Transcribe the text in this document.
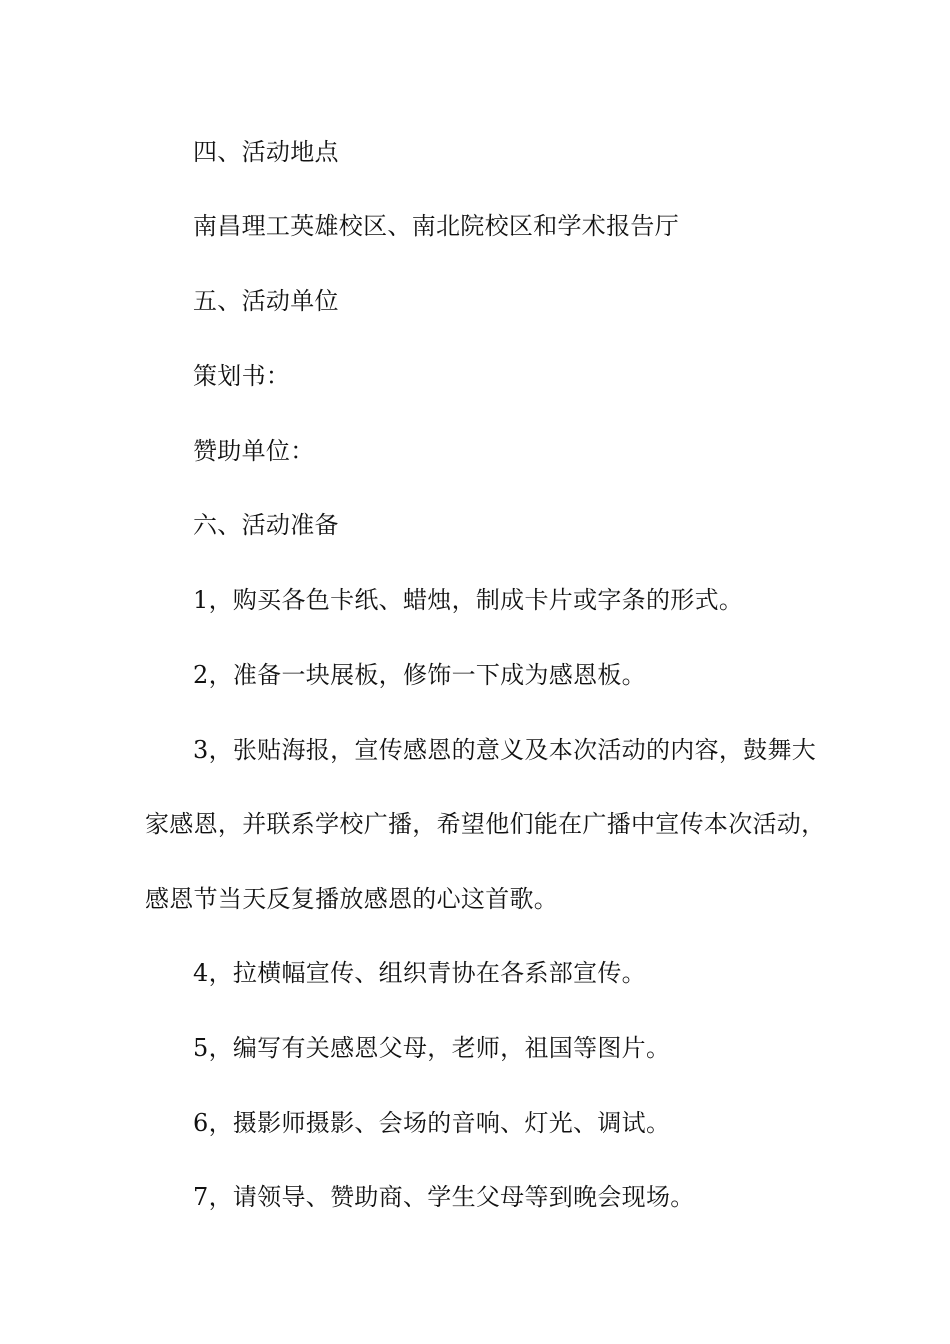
四、活动地点
南昌理工英雄校区、南北院校区和学术报告厅
五、活动单位
策划书：
赞助单位：
六、活动准备
1，购买各色卡纸、蜡烛，制成卡片或字条的形式。
2，准备一块展板，修饰一下成为感恩板。
3，张贴海报，宣传感恩的意义及本次活动的内容，鼓舞大
家感恩，并联系学校广播，希望他们能在广播中宣传本次活动，
感恩节当天反复播放感恩的心这首歌。
4，拉横幅宣传、组织青协在各系部宣传。
5，编写有关感恩父母，老师，祖国等图片。
6，摄影师摄影、会场的音响、灯光、调试。
7，请领导、赞助商、学生父母等到晚会现场。
